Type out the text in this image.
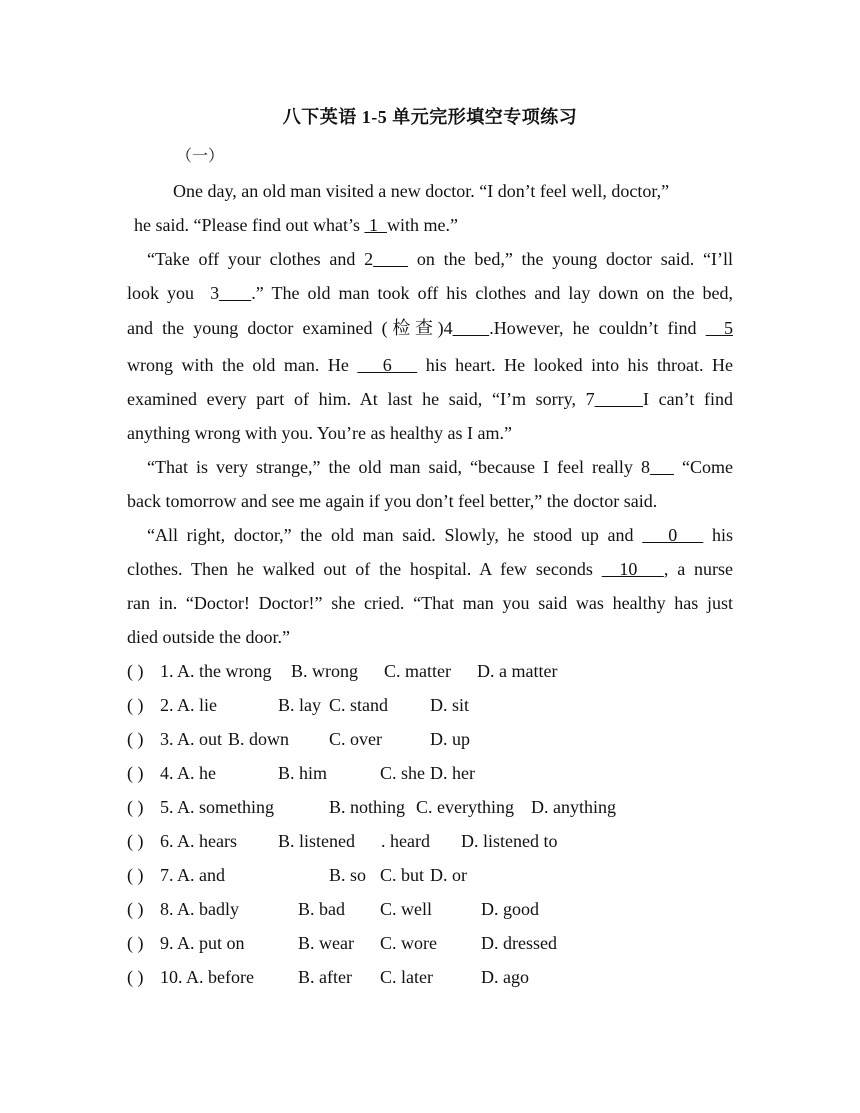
八下英语 1-5 单元完形填空专项练习
（一）
One day, an old man visited a new doctor. “I don’t feel well, doctor,”
he said. “Please find out what’s  1  with me.”
“Take off your clothes and 2     on the bed,” the young doctor said. “I’ll
look you  3 .” The old man took off his clothes and lay down on the bed,
and the young doctor examined (检查)4 .However, he couldn’t find   5
wrong with the old man. He    6    his heart. He looked into his throat. He
examined every part of him. At last he said, “I’m sorry, 7	I can’t find
anything wrong with you. You’re as healthy as I am.”
“That is very strange,” the old man said, “because I feel really 8    “Come
back tomorrow and see me again if you don’t feel better,” the doctor said.
“All right, doctor,” the old man said. Slowly, he stood up and    0    his
clothes. Then he walked out of the hospital. A few seconds   10   , a nurse
ran in. “Doctor! Doctor!” she cried. “That man you said was healthy has just
died outside the door.”
( ) 1. A. the wrong B. wrong C. matter D. a matter
( ) 2. A. lie	B. lay C. stand D. sit
( ) 3. A. out B. down C. over	D. up
( ) 4. A. he	B. him	C. she D. her
( ) 5. A. something	B. nothing C. everything D. anything
( ) 6. A. hears B. listened . heard D. listened to
( ) 7. A. and	B. so C. but D. or
( ) 8. A. badly	B. bad C. well	D. good
( ) 9. A. put on	B. wear C. wore D. dressed
( ) 10. A. before B. after C. later	D. ago
